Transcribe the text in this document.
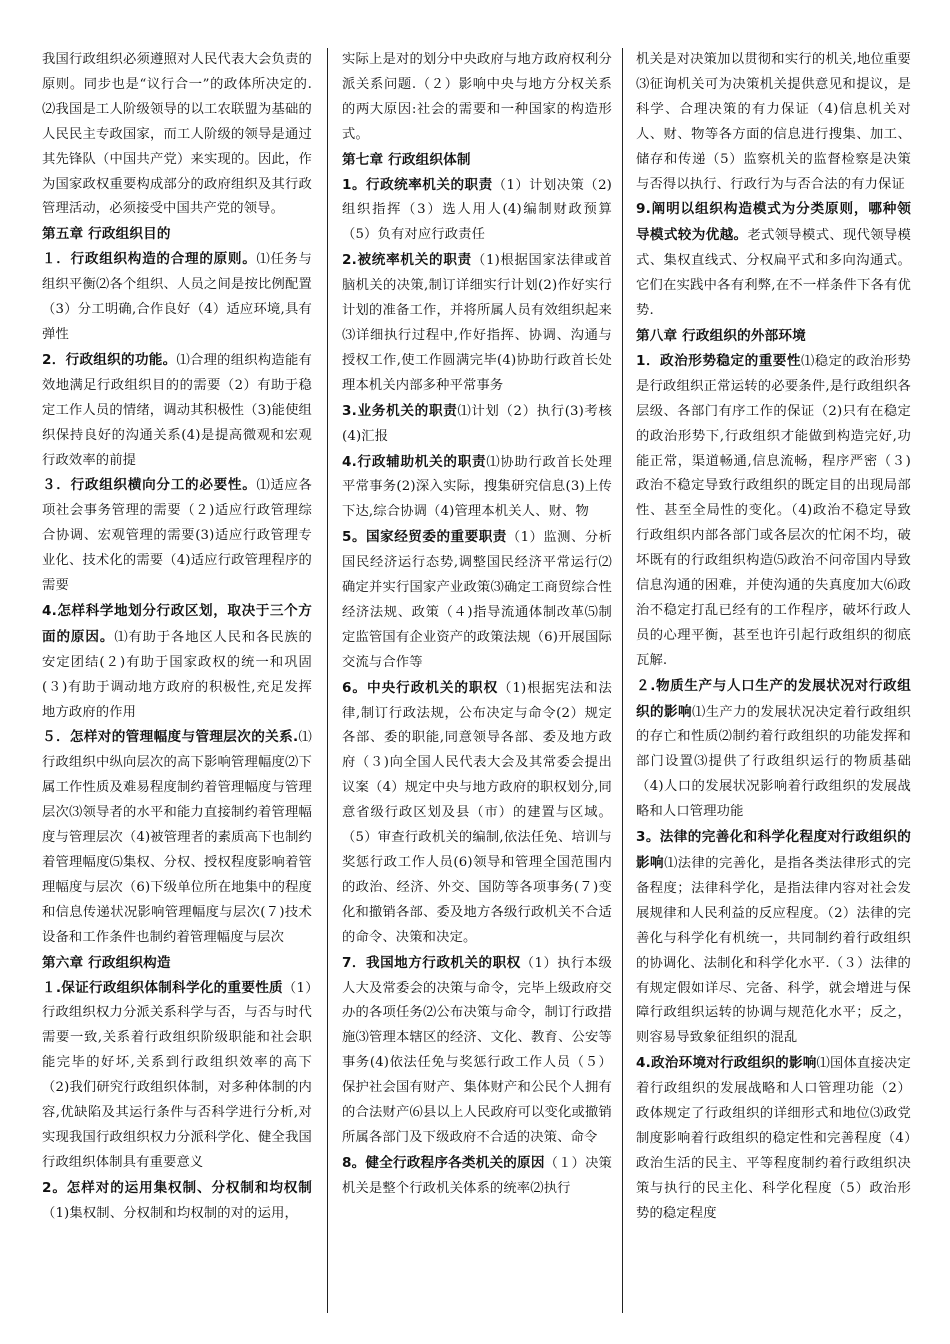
我国行政组织必须遵照对人民代表大会负责的原则。同步也是“议行合一”的政体所决定的.⑵我国是工人阶级领导的以工农联盟为基础的人民民主专政国家，而工人阶级的领导是通过其先锋队（中国共产党）来实现的。因此，作为国家政权重要构成部分的政府组织及其行政管理活动，必须接受中国共产党的领导。

第五章 行政组织目的

１．行政组织构造的合理的原则。⑴任务与组织平衡⑵各个组织、人员之间是按比例配置（3）分工明确,合作良好（4）适应环境,具有弹性

2．行政组织的功能。⑴合理的组织构造能有效地满足行政组织目的的需要（2）有助于稳定工作人员的情绪，调动其积极性（3)能使组织保持良好的沟通关系(4)是提高微观和宏观行政效率的前提

３．行政组织横向分工的必要性。⑴适应各项社会事务管理的需要（２)适应行政管理综合协调、宏观管理的需要(3)适应行政管理专业化、技术化的需要（4)适应行政管理程序的需要

4.怎样科学地划分行政区划，取决于三个方面的原因。⑴有助于各地区人民和各民族的安定团结(２)有助于国家政权的统一和巩固(３)有助于调动地方政府的积极性,充足发挥地方政府的作用

５．怎样对的管理幅度与管理层次的关系.⑴行政组织中纵向层次的高下影响管理幅度⑵下属工作性质及难易程度制约着管理幅度与管理层次⑶领导者的水平和能力直接制约着管理幅度与管理层次（4)被管理者的素质高下也制约着管理幅度⑸集权、分权、授权程度影响着管理幅度与层次（6)下级单位所在地集中的程度和信息传递状况影响管理幅度与层次(７)技术设备和工作条件也制约着管理幅度与层次

第六章 行政组织构造

１.保证行政组织体制科学化的重要性质（1）行政组织权力分派关系科学与否，与否与时代需要一致,关系着行政组织阶级职能和社会职能完毕的好坏,关系到行政组织效率的高下（2)我们研究行政组织体制，对多种体制的内容,优缺陷及其运行条件与否科学进行分析,对实现我国行政组织权力分派科学化、健全我国行政组织体制具有重要意义

2。怎样对的运用集权制、分权制和均权制（1)集权制、分权制和均权制的对的运用，

实际上是对的划分中央政府与地方政府权利分派关系问题.（２）影响中央与地方分权关系的两大原因:社会的需要和一种国家的构造形式。

第七章 行政组织体制

1。行政统率机关的职责（1）计划决策（2)组织指挥（3）选人用人(4)编制财政预算（5）负有对应行政责任

2.被统率机关的职责（1)根据国家法律或首脑机关的决策,制订详细实行计划(2)作好实行计划的准备工作，并将所属人员有效组织起来⑶详细执行过程中,作好指挥、协调、沟通与授权工作,使工作圆满完毕(4)协助行政首长处理本机关内部多种平常事务

3.业务机关的职责⑴计划（2）执行(3)考核(4)汇报

4.行政辅助机关的职责⑴协助行政首长处理平常事务(2)深入实际，搜集研究信息(3)上传下达,综合协调（4)管理本机关人、财、物

5。国家经贸委的重要职责（1）监测、分析国民经济运行态势,调整国民经济平常运行⑵确定并实行国家产业政策⑶确定工商贸综合性经济法规、政策（４)指导流通体制改革⑸制定监管国有企业资产的政策法规（6)开展国际交流与合作等

6。中央行政机关的职权（1)根据宪法和法律,制订行政法规，公布决定与命令(2）规定各部、委的职能,同意领导各部、委及地方政府（３)向全国人民代表大会及其常委会提出议案（4）规定中央与地方政府的职权划分,同意省级行政区划及县（市）的建置与区域。（5）审查行政机关的编制,依法任免、培训与奖惩行政工作人员(6)领导和管理全国范围内的政治、经济、外交、国防等各项事务(７)变化和撤销各部、委及地方各级行政机关不合适的命令、决策和决定。

7．我国地方行政机关的职权（1）执行本级人大及常委会的决策与命令，完毕上级政府交办的各项任务⑵公布决策与命令，制订行政措施⑶管理本辖区的经济、文化、教育、公安等事务(4)依法任免与奖惩行政工作人员（５）保护社会国有财产、集体财产和公民个人拥有的合法财产⑹县以上人民政府可以变化或撤销所属各部门及下级政府不合适的决策、命令

8。健全行政程序各类机关的原因（１）决策机关是整个行政机关体系的统率⑵执行

机关是对决策加以贯彻和实行的机关,地位重要⑶征询机关可为决策机关提供意见和提议，是科学、合理决策的有力保证（4)信息机关对人、财、物等各方面的信息进行搜集、加工、储存和传递（5）监察机关的监督检察是决策与否得以执行、行政行为与否合法的有力保证

9.阐明以组织构造模式为分类原则，哪种领导模式较为优越。老式领导模式、现代领导模式、集权直线式、分权扁平式和多向沟通式。它们在实践中各有利弊,在不一样条件下各有优势.

第八章 行政组织的外部环境

1．政治形势稳定的重要性⑴稳定的政治形势是行政组织正常运转的必要条件,是行政组织各层级、各部门有序工作的保证（2)只有在稳定的政治形势下,行政组织才能做到构造完好,功能正常，渠道畅通,信息流畅，程序严密（３)政治不稳定导致行政组织的既定目的出现局部性、甚至全局性的变化。（4)政治不稳定导致行政组织内部各部门或各层次的忙闲不均，破坏既有的行政组织构造⑸政治不问帝国内导致信息沟通的困难，并使沟通的失真度加大⑹政治不稳定打乱已经有的工作程序，破坏行政人员的心理平衡，甚至也许引起行政组织的彻底瓦解.

２.物质生产与人口生产的发展状况对行政组织的影响⑴生产力的发展状况决定着行政组织的存亡和性质⑵制约着行政组织的功能发挥和部门设置⑶提供了行政组织运行的物质基础（4)人口的发展状况影响着行政组织的发展战略和人口管理功能

3。法律的完善化和科学化程度对行政组织的影响⑴法律的完善化，是指各类法律形式的完备程度；法律科学化，是指法律内容对社会发展规律和人民利益的反应程度。（2）法律的完善化与科学化有机统一，共同制约着行政组织的协调化、法制化和科学化水平.（３）法律的有规定假如详尽、完备、科学，就会增进与保障行政组织运转的协调与规范化水平；反之，则容易导致象征组织的混乱

4.政治环境对行政组织的影响⑴国体直接决定着行政组织的发展战略和人口管理功能（2）政体规定了行政组织的详细形式和地位⑶政党制度影响着行政组织的稳定性和完善程度（4）政治生活的民主、平等程度制约着行政组织决策与执行的民主化、科学化程度（5）政治形势的稳定程度
